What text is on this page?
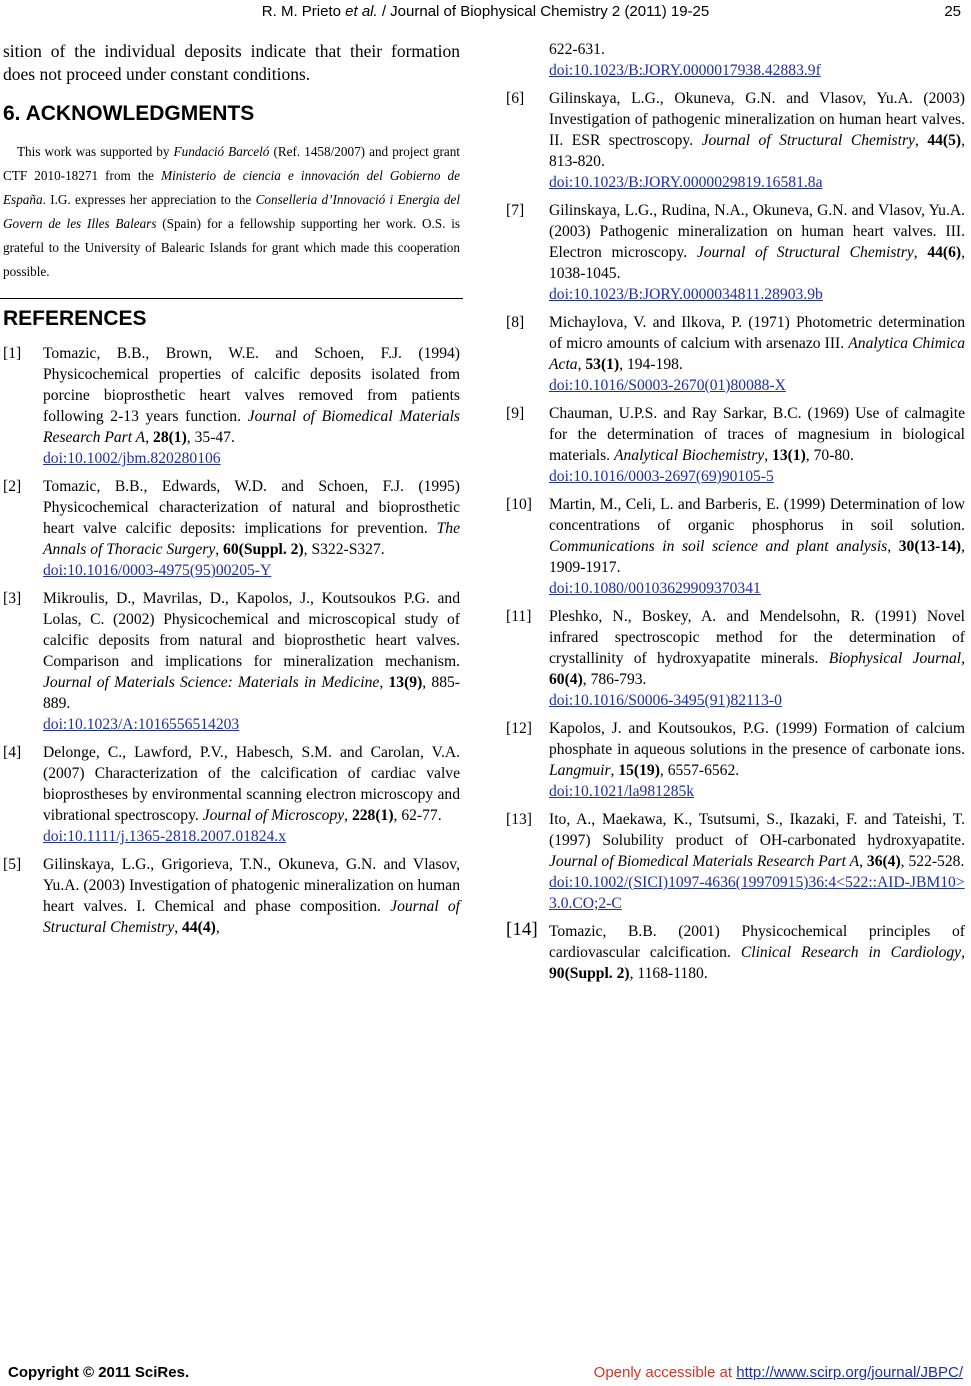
R. M. Prieto et al. / Journal of Biophysical Chemistry 2 (2011) 19-25	25

sition of the individual deposits indicate that their formation does not proceed under constant conditions.

6. ACKNOWLEDGMENTS

This work was supported by Fundació Barceló (Ref. 1458/2007) and project grant CTF 2010-18271 from the Ministerio de ciencia e innovación del Gobierno de España. I.G. expresses her appreciation to the Conselleria d’Innovació i Energia del Govern de les Illes Balears (Spain) for a fellowship supporting her work. O.S. is grateful to the University of Balearic Islands for grant which made this cooperation possible.

REFERENCES
[1] Tomazic, B.B., Brown, W.E. and Schoen, F.J. (1994) Physicochemical properties of calcific deposits isolated from porcine bioprosthetic heart valves removed from patients following 2-13 years function. Journal of Biomedical Materials Research Part A, 28(1), 35-47.
doi:10.1002/jbm.820280106
[2] Tomazic, B.B., Edwards, W.D. and Schoen, F.J. (1995) Physicochemical characterization of natural and bioprosthetic heart valve calcific deposits: implications for prevention. The Annals of Thoracic Surgery, 60(Suppl. 2), S322-S327.
doi:10.1016/0003-4975(95)00205-Y
[3] Mikroulis, D., Mavrilas, D., Kapolos, J., Koutsoukos P.G. and Lolas, C. (2002) Physicochemical and microscopical study of calcific deposits from natural and bioprosthetic heart valves. Comparison and implications for mineralization mechanism. Journal of Materials Science: Materials in Medicine, 13(9), 885-889.
doi:10.1023/A:1016556514203
[4] Delonge, C., Lawford, P.V., Habesch, S.M. and Carolan, V.A. (2007) Characterization of the calcification of cardiac valve bioprostheses by environmental scanning electron microscopy and vibrational spectroscopy. Journal of Microscopy, 228(1), 62-77.
doi:10.1111/j.1365-2818.2007.01824.x
[5] Gilinskaya, L.G., Grigorieva, T.N., Okuneva, G.N. and Vlasov, Yu.A. (2003) Investigation of phatogenic mineralization on human heart valves. I. Chemical and phase composition. Journal of Structural Chemistry, 44(4),
622-631.
doi:10.1023/B:JORY.0000017938.42883.9f
[6] Gilinskaya, L.G., Okuneva, G.N. and Vlasov, Yu.A. (2003) Investigation of pathogenic mineralization on human heart valves. II. ESR spectroscopy. Journal of Structural Chemistry, 44(5), 813-820.
doi:10.1023/B:JORY.0000029819.16581.8a
[7] Gilinskaya, L.G., Rudina, N.A., Okuneva, G.N. and Vlasov, Yu.A. (2003) Pathogenic mineralization on human heart valves. III. Electron microscopy. Journal of Structural Chemistry, 44(6), 1038-1045.
doi:10.1023/B:JORY.0000034811.28903.9b
[8] Michaylova, V. and Ilkova, P. (1971) Photometric determination of micro amounts of calcium with arsenazo III. Analytica Chimica Acta, 53(1), 194-198.
doi:10.1016/S0003-2670(01)80088-X
[9] Chauman, U.P.S. and Ray Sarkar, B.C. (1969) Use of calmagite for the determination of traces of magnesium in biological materials. Analytical Biochemistry, 13(1), 70-80.
doi:10.1016/0003-2697(69)90105-5
[10] Martin, M., Celi, L. and Barberis, E. (1999) Determination of low concentrations of organic phosphorus in soil solution. Communications in soil science and plant analysis, 30(13-14), 1909-1917.
doi:10.1080/00103629909370341
[11] Pleshko, N., Boskey, A. and Mendelsohn, R. (1991) Novel infrared spectroscopic method for the determination of crystallinity of hydroxyapatite minerals. Biophysical Journal, 60(4), 786-793.
doi:10.1016/S0006-3495(91)82113-0
[12] Kapolos, J. and Koutsoukos, P.G. (1999) Formation of calcium phosphate in aqueous solutions in the presence of carbonate ions. Langmuir, 15(19), 6557-6562.
doi:10.1021/la981285k
[13] Ito, A., Maekawa, K., Tsutsumi, S., Ikazaki, F. and Tateishi, T. (1997) Solubility product of OH-carbonated hydroxyapatite. Journal of Biomedical Materials Research Part A, 36(4), 522-528.
doi:10.1002/(SICI)1097-4636(19970915)36:4<522::AID-JBM10>3.0.CO;2-C
[14] Tomazic, B.B. (2001) Physicochemical principles of cardiovascular calcification. Clinical Research in Cardiology, 90(Suppl. 2), 1168-1180.
Copyright © 2011 SciRes.	Openly accessible at http://www.scirp.org/journal/JBPC/
